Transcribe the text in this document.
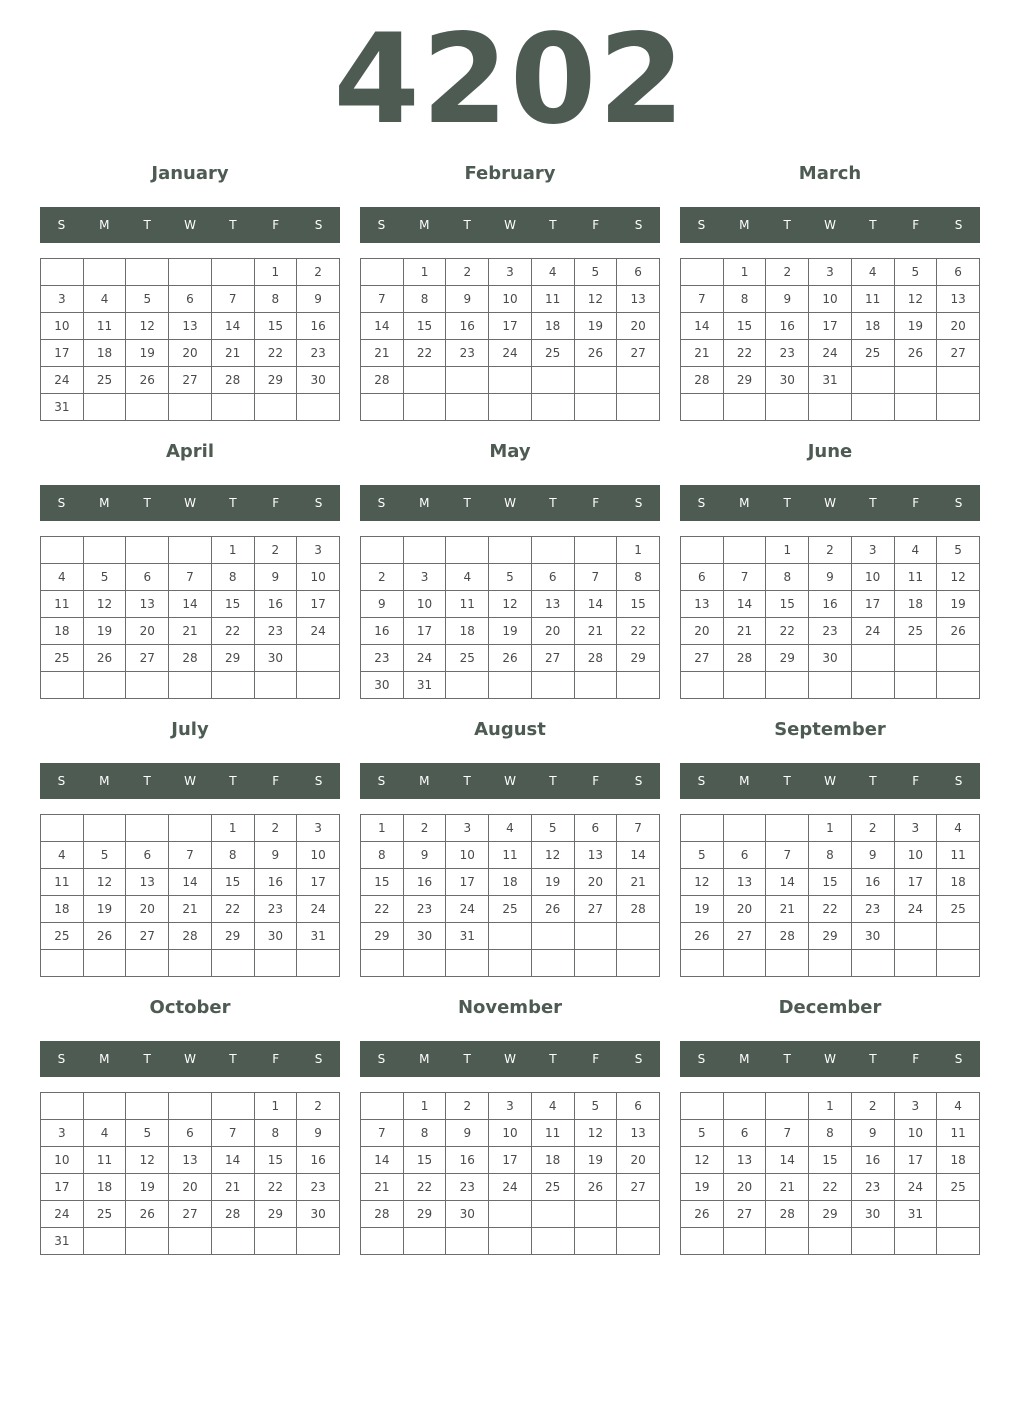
4202
January
S	M	T	W	T	F	S
					1	2
3	4	5	6	7	8	9
10	11	12	13	14	15	16
17	18	19	20	21	22	23
24	25	26	27	28	29	30
31						
February
S	M	T	W	T	F	S
	1	2	3	4	5	6
7	8	9	10	11	12	13
14	15	16	17	18	19	20
21	22	23	24	25	26	27
28						

March
S	M	T	W	T	F	S
	1	2	3	4	5	6
7	8	9	10	11	12	13
14	15	16	17	18	19	20
21	22	23	24	25	26	27
28	29	30	31			

April
S	M	T	W	T	F	S
				1	2	3
4	5	6	7	8	9	10
11	12	13	14	15	16	17
18	19	20	21	22	23	24
25	26	27	28	29	30	

May
S	M	T	W	T	F	S
						1
2	3	4	5	6	7	8
9	10	11	12	13	14	15
16	17	18	19	20	21	22
23	24	25	26	27	28	29
30	31					
June
S	M	T	W	T	F	S
		1	2	3	4	5
6	7	8	9	10	11	12
13	14	15	16	17	18	19
20	21	22	23	24	25	26
27	28	29	30			

July
S	M	T	W	T	F	S
				1	2	3
4	5	6	7	8	9	10
11	12	13	14	15	16	17
18	19	20	21	22	23	24
25	26	27	28	29	30	31

August
S	M	T	W	T	F	S
1	2	3	4	5	6	7
8	9	10	11	12	13	14
15	16	17	18	19	20	21
22	23	24	25	26	27	28
29	30	31				

September
S	M	T	W	T	F	S
			1	2	3	4
5	6	7	8	9	10	11
12	13	14	15	16	17	18
19	20	21	22	23	24	25
26	27	28	29	30		

October
S	M	T	W	T	F	S
					1	2
3	4	5	6	7	8	9
10	11	12	13	14	15	16
17	18	19	20	21	22	23
24	25	26	27	28	29	30
31						
November
S	M	T	W	T	F	S
	1	2	3	4	5	6
7	8	9	10	11	12	13
14	15	16	17	18	19	20
21	22	23	24	25	26	27
28	29	30				

December
S	M	T	W	T	F	S
			1	2	3	4
5	6	7	8	9	10	11
12	13	14	15	16	17	18
19	20	21	22	23	24	25
26	27	28	29	30	31	
